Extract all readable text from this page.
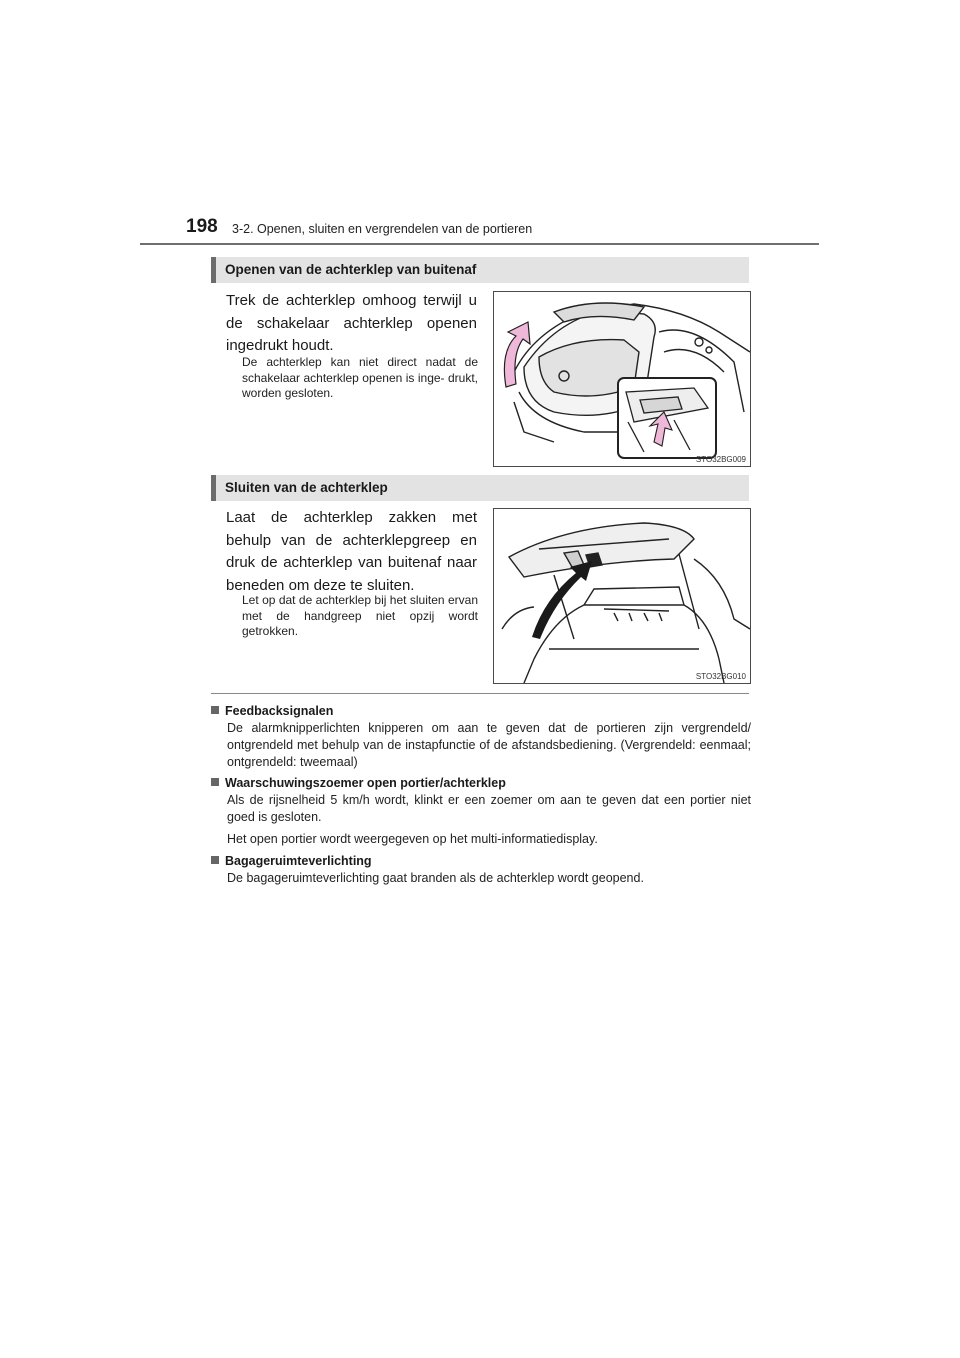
198 3-2. Openen, sluiten en vergrendelen van de portieren
Openen van de achterklep van buitenaf
Trek de achterklep omhoog terwijl u de schakelaar achterklep openen ingedrukt houdt.
De achterklep kan niet direct nadat de schakelaar achterklep openen is inge- drukt, worden gesloten.
STO32BG009
Sluiten van de achterklep
Laat de achterklep zakken met behulp van de achterklepgreep en druk de achterklep van buitenaf naar beneden om deze te sluiten.
Let op dat de achterklep bij het sluiten ervan met de handgreep niet opzij wordt getrokken.
STO32BG010
Feedbacksignalen
De alarmknipperlichten knipperen om aan te geven dat de portieren zijn vergrendeld/ ontgrendeld met behulp van de instapfunctie of de afstandsbediening. (Vergrendeld: eenmaal; ontgrendeld: tweemaal)
Waarschuwingszoemer open portier/achterklep
Als de rijsnelheid 5 km/h wordt, klinkt er een zoemer om aan te geven dat een portier niet goed is gesloten.
Het open portier wordt weergegeven op het multi-informatiedisplay.
Bagageruimteverlichting
De bagageruimteverlichting gaat branden als de achterklep wordt geopend.
